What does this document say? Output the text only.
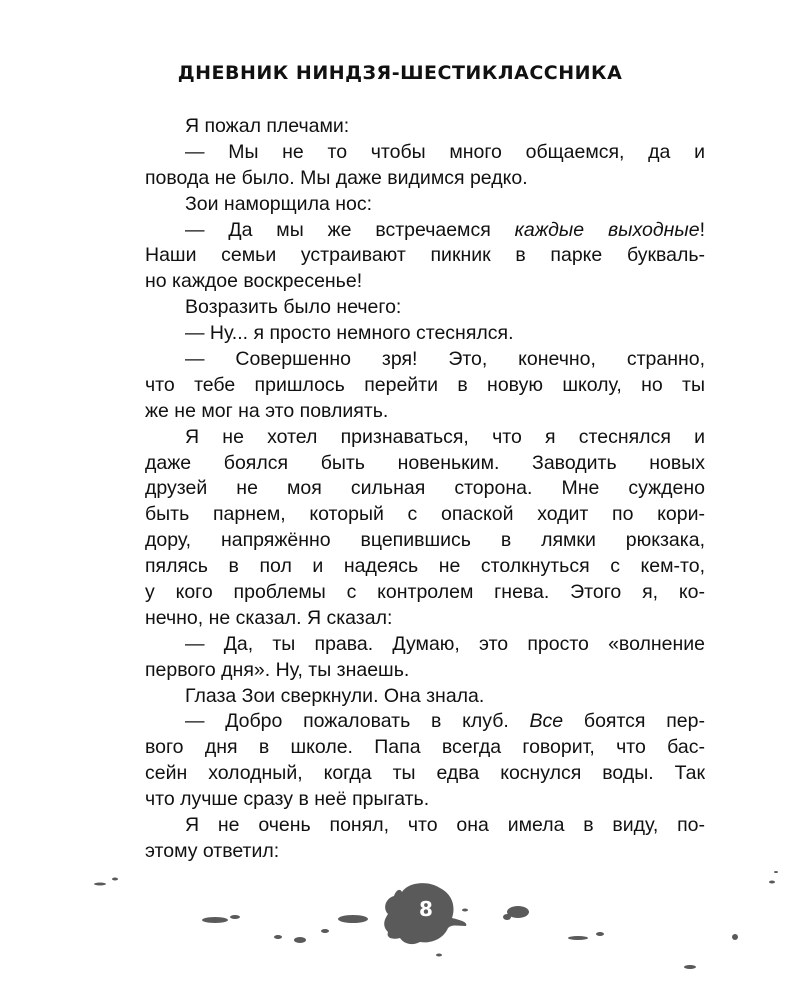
ДНЕВНИК НИНДЗЯ-ШЕСТИКЛАССНИКА
Я пожал плечами:
— Мы не то чтобы много общаемся, да и
повода не было. Мы даже видимся редко.
Зои наморщила нос:
— Да мы же встречаемся каждые выходные!
Наши семьи устраивают пикник в парке букваль-
но каждое воскресенье!
Возразить было нечего:
— Ну... я просто немного стеснялся.
— Совершенно зря! Это, конечно, странно,
что тебе пришлось перейти в новую школу, но ты
же не мог на это повлиять.
Я не хотел признаваться, что я стеснялся и
даже боялся быть новеньким. Заводить новых
друзей не моя сильная сторона. Мне суждено
быть парнем, который с опаской ходит по кори-
дору, напряжённо вцепившись в лямки рюкзака,
пялясь в пол и надеясь не столкнуться с кем-то,
у кого проблемы с контролем гнева. Этого я, ко-
нечно, не сказал. Я сказал:
— Да, ты права. Думаю, это просто «волнение
первого дня». Ну, ты знаешь.
Глаза Зои сверкнули. Она знала.
— Добро пожаловать в клуб. Все боятся пер-
вого дня в школе. Папа всегда говорит, что бас-
сейн холодный, когда ты едва коснулся воды. Так
что лучше сразу в неё прыгать.
Я не очень понял, что она имела в виду, по-
этому ответил:
8
